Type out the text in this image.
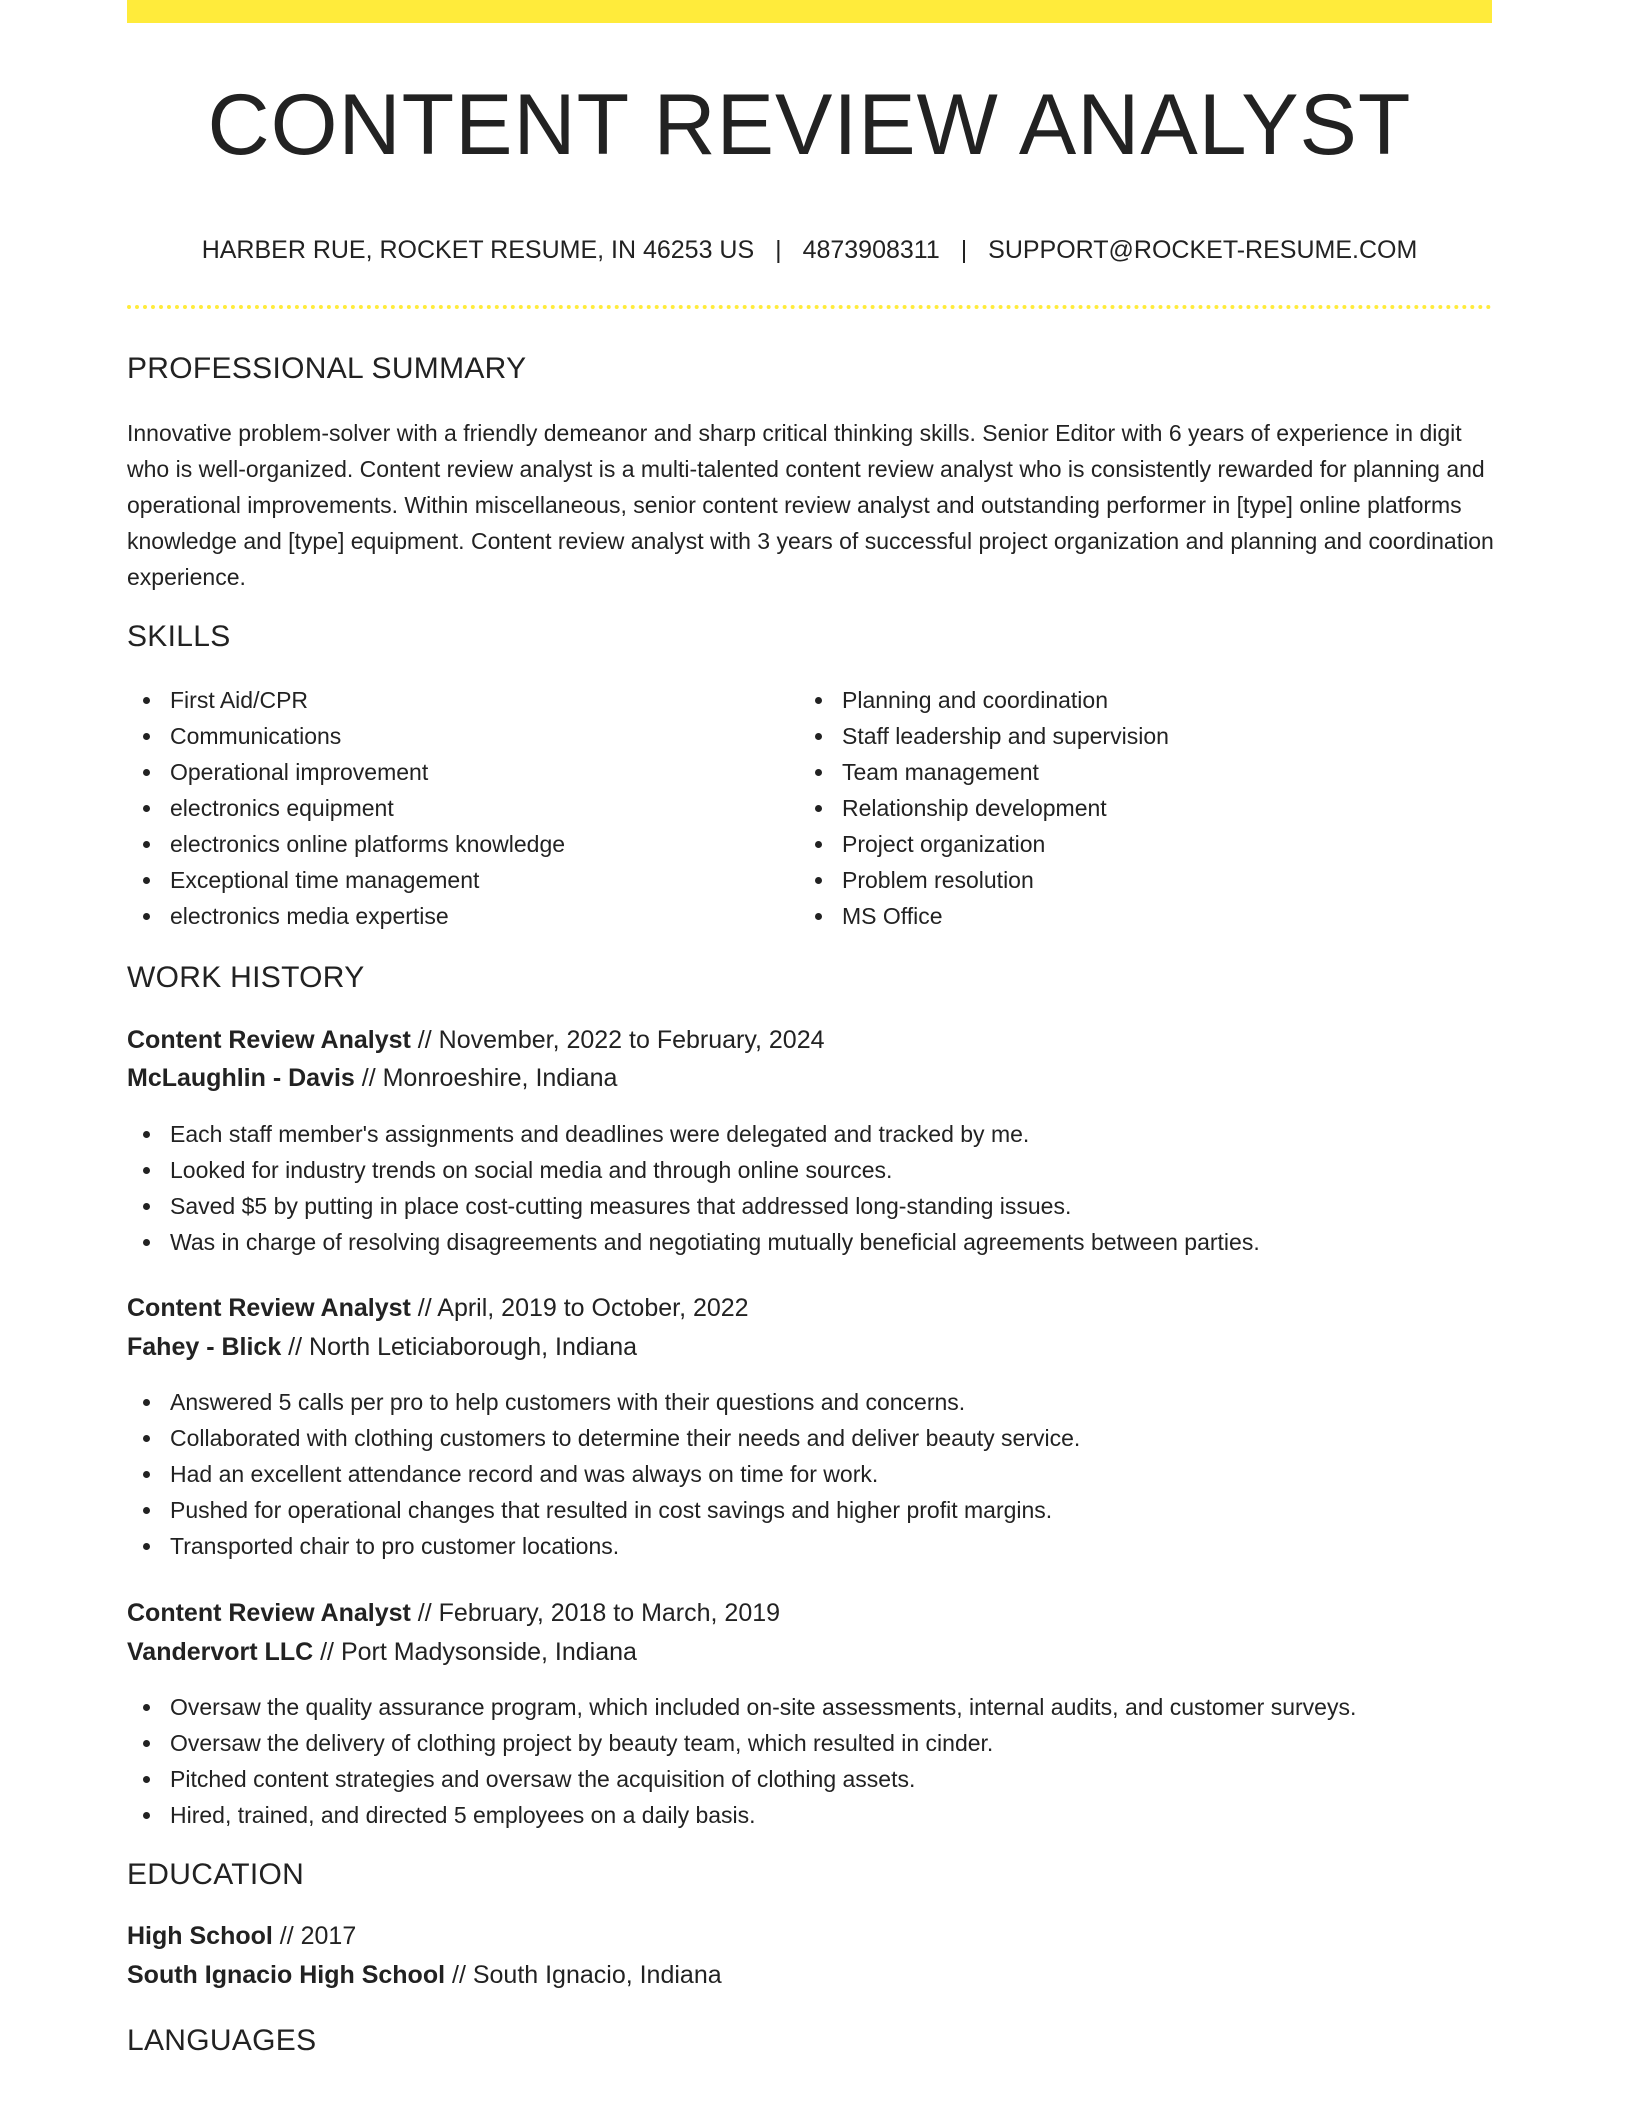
CONTENT REVIEW ANALYST
HARBER RUE, ROCKET RESUME, IN 46253 US | 4873908311 | SUPPORT@ROCKET-RESUME.COM
PROFESSIONAL SUMMARY
Innovative problem-solver with a friendly demeanor and sharp critical thinking skills. Senior Editor with 6 years of experience in digit who is well-organized. Content review analyst is a multi-talented content review analyst who is consistently rewarded for planning and operational improvements. Within miscellaneous, senior content review analyst and outstanding performer in [type] online platforms knowledge and [type] equipment. Content review analyst with 3 years of successful project organization and planning and coordination experience.
SKILLS
First Aid/CPR
Communications
Operational improvement
electronics equipment
electronics online platforms knowledge
Exceptional time management
electronics media expertise
Planning and coordination
Staff leadership and supervision
Team management
Relationship development
Project organization
Problem resolution
MS Office
WORK HISTORY
Content Review Analyst // November, 2022 to February, 2024
McLaughlin - Davis // Monroeshire, Indiana
Each staff member's assignments and deadlines were delegated and tracked by me.
Looked for industry trends on social media and through online sources.
Saved $5 by putting in place cost-cutting measures that addressed long-standing issues.
Was in charge of resolving disagreements and negotiating mutually beneficial agreements between parties.
Content Review Analyst // April, 2019 to October, 2022
Fahey - Blick // North Leticiaborough, Indiana
Answered 5 calls per pro to help customers with their questions and concerns.
Collaborated with clothing customers to determine their needs and deliver beauty service.
Had an excellent attendance record and was always on time for work.
Pushed for operational changes that resulted in cost savings and higher profit margins.
Transported chair to pro customer locations.
Content Review Analyst // February, 2018 to March, 2019
Vandervort LLC // Port Madysonside, Indiana
Oversaw the quality assurance program, which included on-site assessments, internal audits, and customer surveys.
Oversaw the delivery of clothing project by beauty team, which resulted in cinder.
Pitched content strategies and oversaw the acquisition of clothing assets.
Hired, trained, and directed 5 employees on a daily basis.
EDUCATION
High School // 2017
South Ignacio High School // South Ignacio, Indiana
LANGUAGES
